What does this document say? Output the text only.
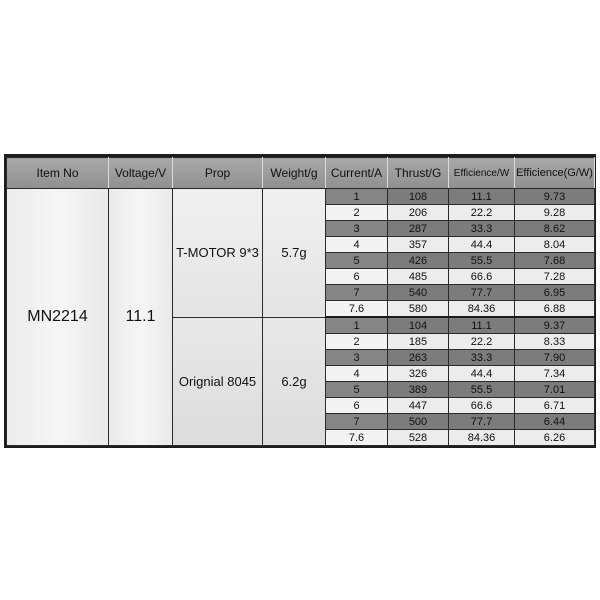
Item No	Voltage/V	Prop	Weight/g	Current/A	Thrust/G	Efficience/W	Efficience(G/W)
MN2214	11.1	T-MOTOR 9*3	5.7g	1	108	11.1	9.73
				2	206	22.2	9.28
				3	287	33.3	8.62
				4	357	44.4	8.04
				5	426	55.5	7.68
				6	485	66.6	7.28
				7	540	77.7	6.95
				7.6	580	84.36	6.88
		Orignial 8045	6.2g	1	104	11.1	9.37
				2	185	22.2	8.33
				3	263	33.3	7.90
				4	326	44.4	7.34
				5	389	55.5	7.01
				6	447	66.6	6.71
				7	500	77.7	6.44
				7.6	528	84.36	6.26
